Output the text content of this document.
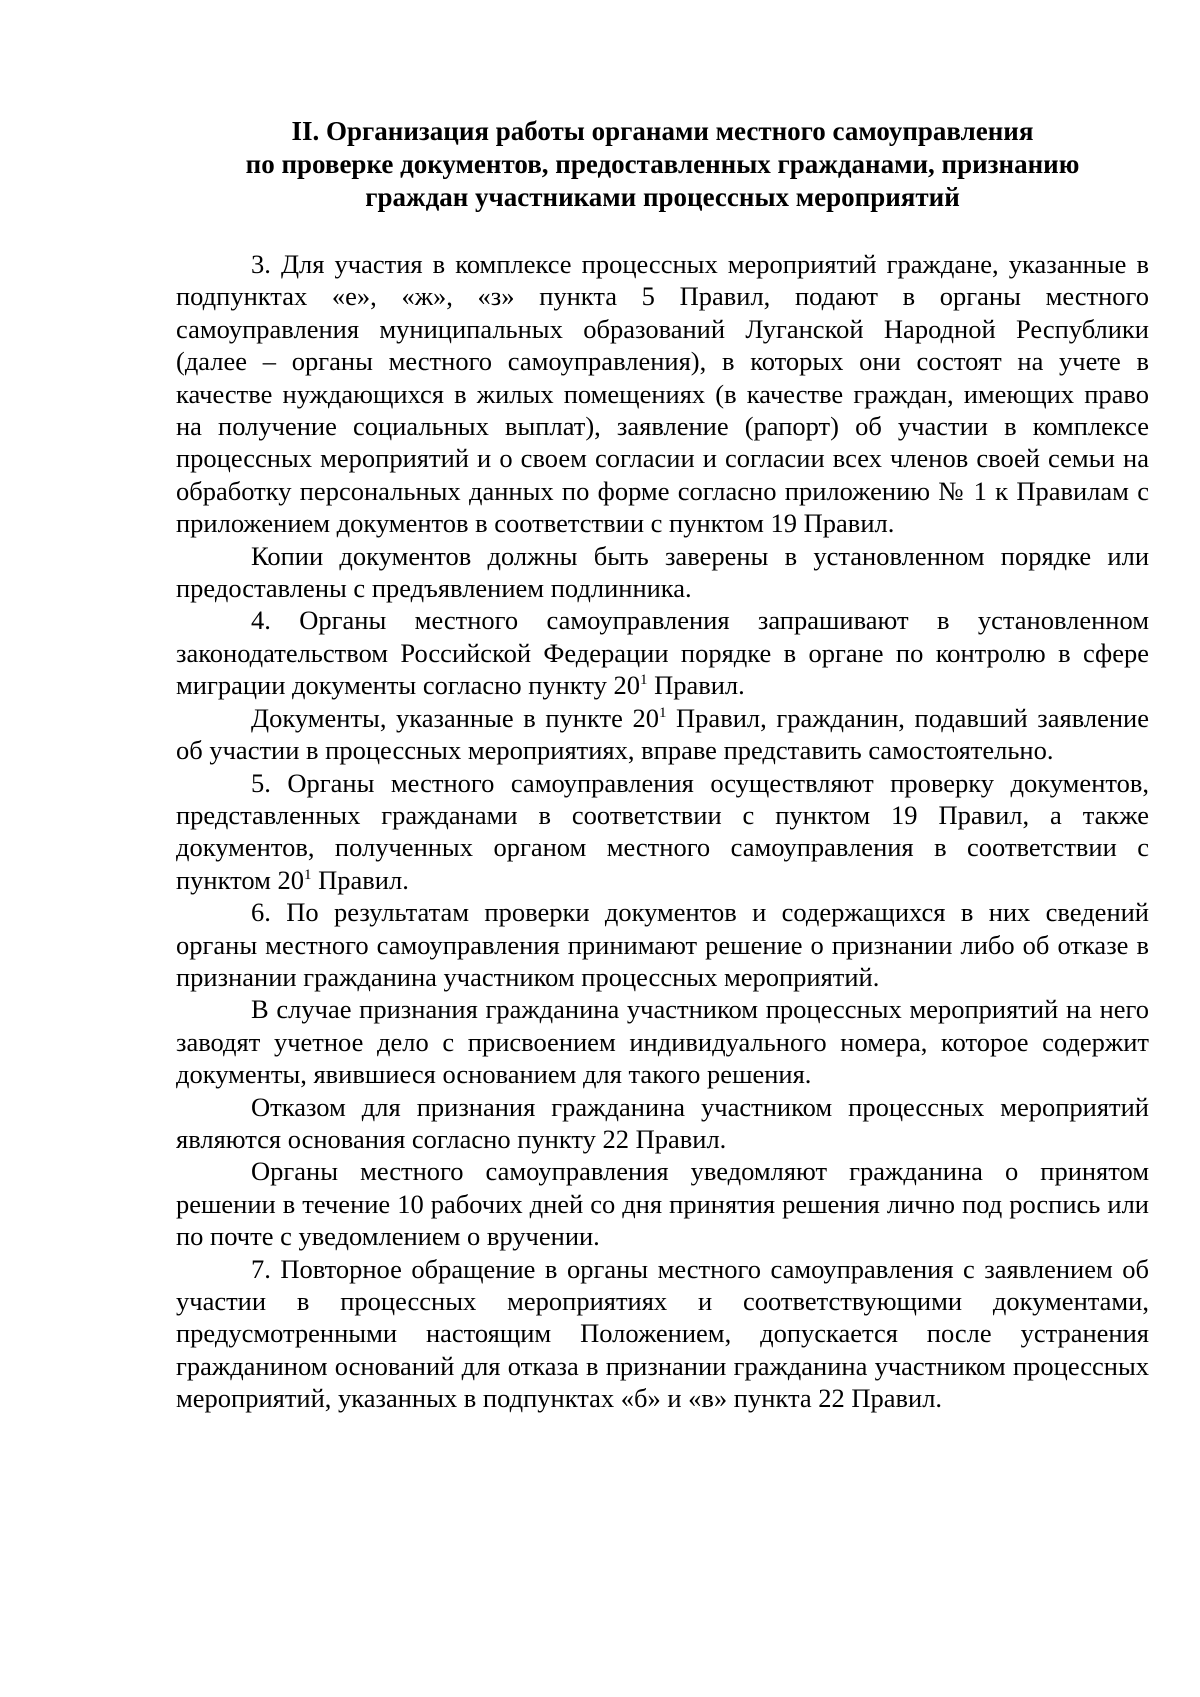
II. Организация работы органами местного самоуправления
по проверке документов, предоставленных гражданами, признанию
граждан участниками процессных мероприятий

3. Для участия в комплексе процессных мероприятий граждане, указанные в подпунктах «е», «ж», «з» пункта 5 Правил, подают в органы местного самоуправления муниципальных образований Луганской Народной Республики (далее – органы местного самоуправления), в которых они состоят на учете в качестве нуждающихся в жилых помещениях (в качестве граждан, имеющих право на получение социальных выплат), заявление (рапорт) об участии в комплексе процессных мероприятий и о своем согласии и согласии всех членов своей семьи на обработку персональных данных по форме согласно приложению № 1 к Правилам с приложением документов в соответствии с пунктом 19 Правил.

Копии документов должны быть заверены в установленном порядке или предоставлены с предъявлением подлинника.

4. Органы местного самоуправления запрашивают в установленном законодательством Российской Федерации порядке в органе по контролю в сфере миграции документы согласно пункту $20^1$ Правил.

Документы, указанные в пункте $20^1$ Правил, гражданин, подавший заявление об участии в процессных мероприятиях, вправе представить самостоятельно.

5. Органы местного самоуправления осуществляют проверку документов, представленных гражданами в соответствии с пунктом 19 Правил, а также документов, полученных органом местного самоуправления в соответствии с пунктом $20^1$ Правил.

6. По результатам проверки документов и содержащихся в них сведений органы местного самоуправления принимают решение о признании либо об отказе в признании гражданина участником процессных мероприятий.

В случае признания гражданина участником процессных мероприятий на него заводят учетное дело с присвоением индивидуального номера, которое содержит документы, явившиеся основанием для такого решения.

Отказом для признания гражданина участником процессных мероприятий являются основания согласно пункту 22 Правил.

Органы местного самоуправления уведомляют гражданина о принятом решении в течение 10 рабочих дней со дня принятия решения лично под роспись или по почте с уведомлением о вручении.

7. Повторное обращение в органы местного самоуправления с заявлением об участии в процессных мероприятиях и соответствующими документами, предусмотренными настоящим Положением, допускается после устранения гражданином оснований для отказа в признании гражданина участником процессных мероприятий, указанных в подпунктах «б» и «в» пункта 22 Правил.
